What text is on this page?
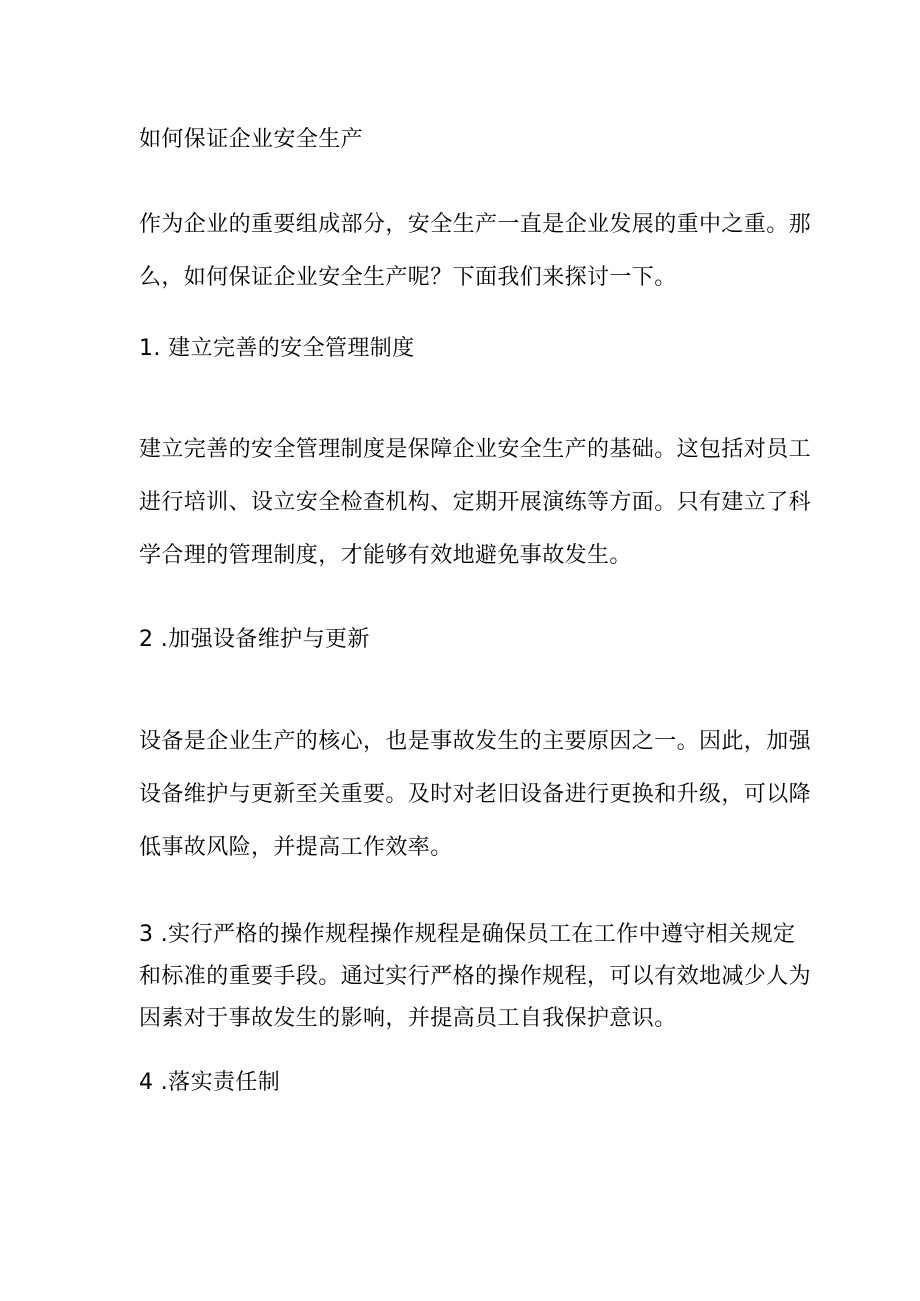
如何保证企业安全生产

作为企业的重要组成部分，安全生产一直是企业发展的重中之重。那
么，如何保证企业安全生产呢？下面我们来探讨一下。

1. 建立完善的安全管理制度

建立完善的安全管理制度是保障企业安全生产的基础。这包括对员工
进行培训、设立安全检查机构、定期开展演练等方面。只有建立了科
学合理的管理制度，才能够有效地避免事故发生。

2 .加强设备维护与更新

设备是企业生产的核心，也是事故发生的主要原因之一。因此，加强
设备维护与更新至关重要。及时对老旧设备进行更换和升级，可以降
低事故风险，并提高工作效率。

3 .实行严格的操作规程操作规程是确保员工在工作中遵守相关规定
和标准的重要手段。通过实行严格的操作规程，可以有效地减少人为
因素对于事故发生的影响，并提高员工自我保护意识。

4 .落实责任制
